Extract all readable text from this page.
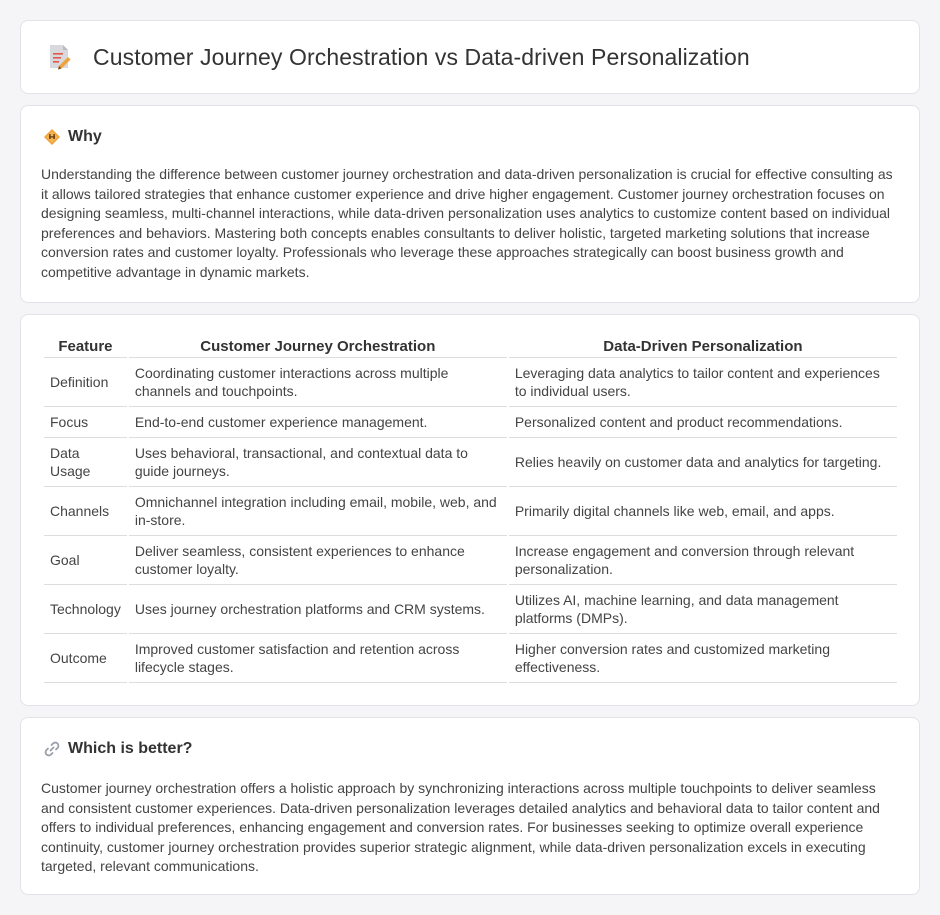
Customer Journey Orchestration vs Data-driven Personalization
Why

Understanding the difference between customer journey orchestration and data-driven personalization is crucial for effective consulting as it allows tailored strategies that enhance customer experience and drive higher engagement. Customer journey orchestration focuses on designing seamless, multi-channel interactions, while data-driven personalization uses analytics to customize content based on individual preferences and behaviors. Mastering both concepts enables consultants to deliver holistic, targeted marketing solutions that increase conversion rates and customer loyalty. Professionals who leverage these approaches strategically can boost business growth and competitive advantage in dynamic markets.

Feature	Customer Journey Orchestration	Data-Driven Personalization
Definition	Coordinating customer interactions across multiple channels and touchpoints.	Leveraging data analytics to tailor content and experiences to individual users.
Focus	End-to-end customer experience management.	Personalized content and product recommendations.
Data Usage	Uses behavioral, transactional, and contextual data to guide journeys.	Relies heavily on customer data and analytics for targeting.
Channels	Omnichannel integration including email, mobile, web, and in-store.	Primarily digital channels like web, email, and apps.
Goal	Deliver seamless, consistent experiences to enhance customer loyalty.	Increase engagement and conversion through relevant personalization.
Technology	Uses journey orchestration platforms and CRM systems.	Utilizes AI, machine learning, and data management platforms (DMPs).
Outcome	Improved customer satisfaction and retention across lifecycle stages.	Higher conversion rates and customized marketing effectiveness.
Which is better?

Customer journey orchestration offers a holistic approach by synchronizing interactions across multiple touchpoints to deliver seamless and consistent customer experiences. Data-driven personalization leverages detailed analytics and behavioral data to tailor content and offers to individual preferences, enhancing engagement and conversion rates. For businesses seeking to optimize overall experience continuity, customer journey orchestration provides superior strategic alignment, while data-driven personalization excels in executing targeted, relevant communications.
